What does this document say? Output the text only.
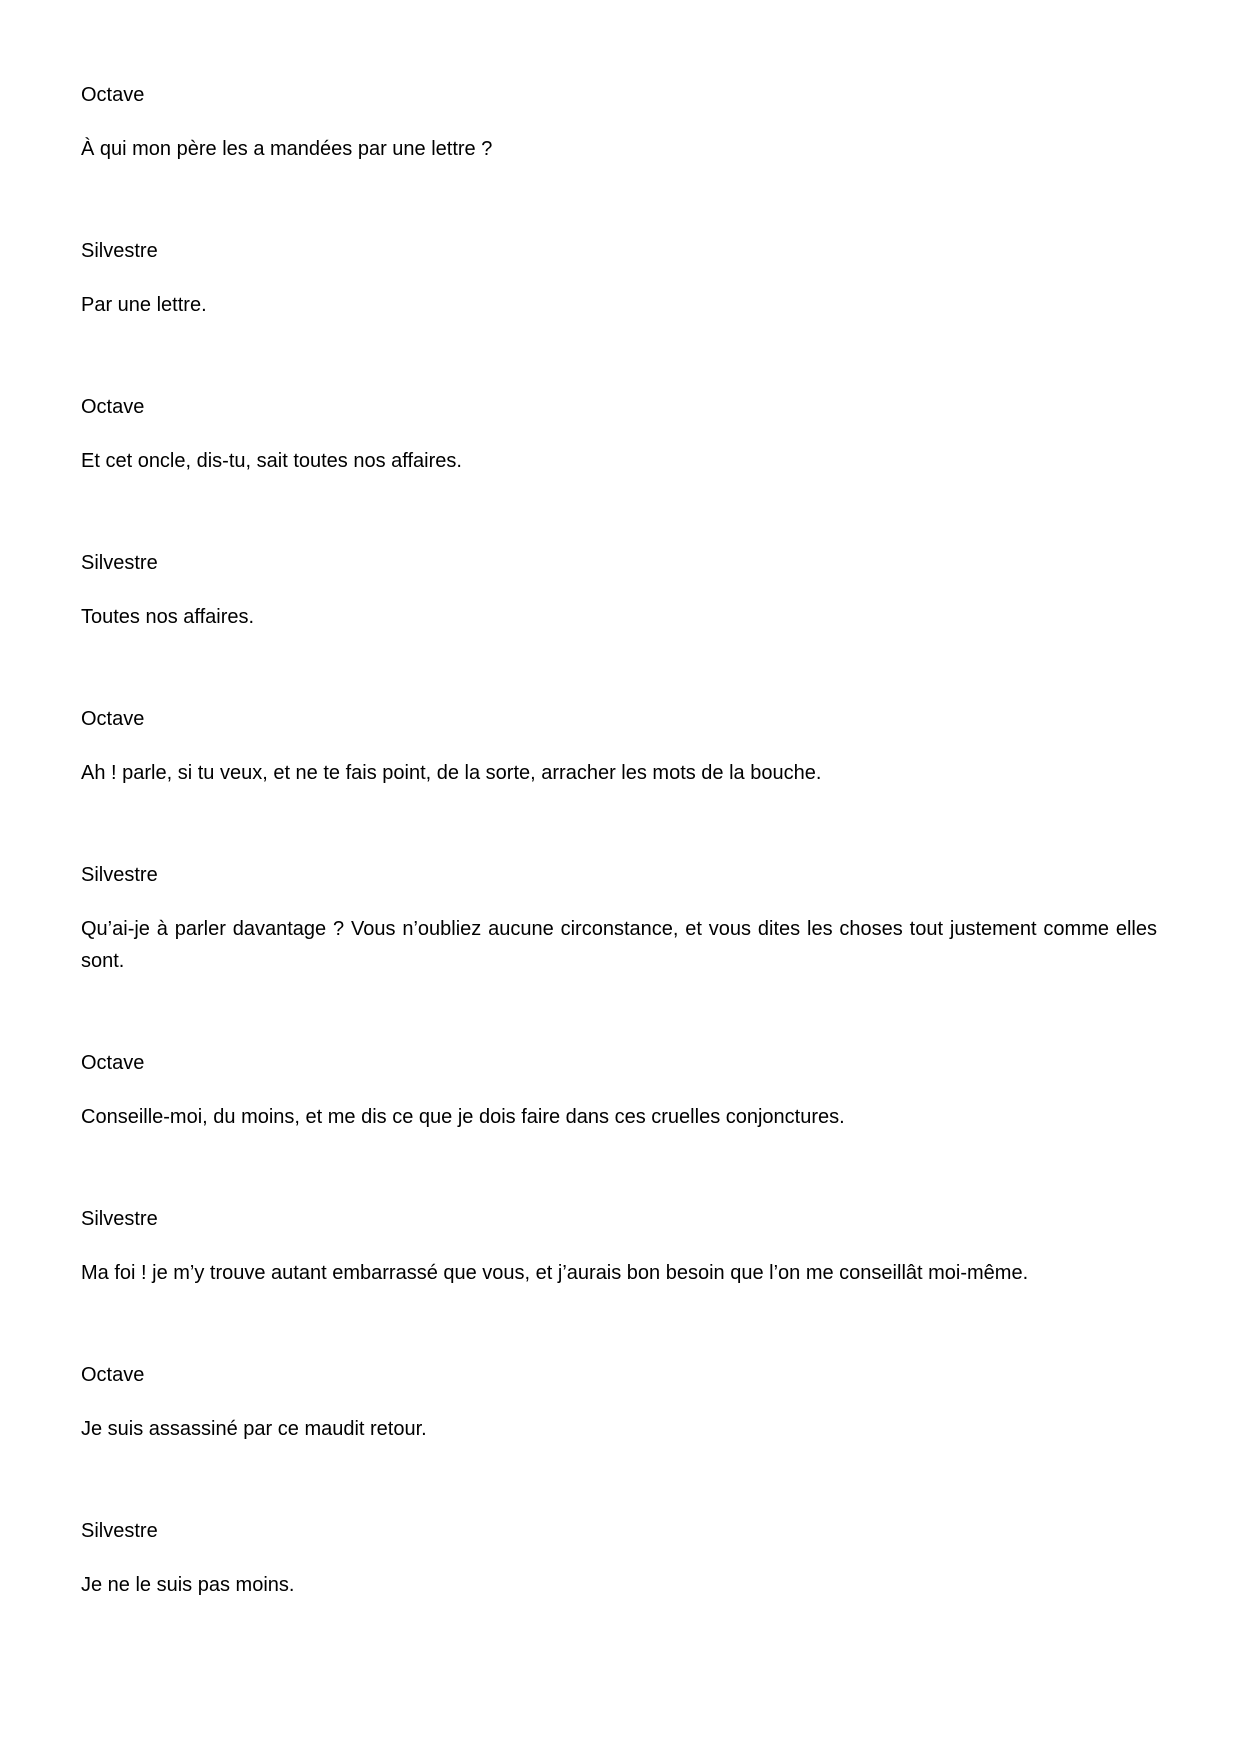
Octave

À qui mon père les a mandées par une lettre ?

Silvestre

Par une lettre.

Octave

Et cet oncle, dis-tu, sait toutes nos affaires.

Silvestre

Toutes nos affaires.

Octave

Ah ! parle, si tu veux, et ne te fais point, de la sorte, arracher les mots de la bouche.

Silvestre

Qu’ai-je à parler davantage ? Vous n’oubliez aucune circonstance, et vous dites les choses tout justement comme elles sont.

Octave

Conseille-moi, du moins, et me dis ce que je dois faire dans ces cruelles conjonctures.

Silvestre

Ma foi ! je m’y trouve autant embarrassé que vous, et j’aurais bon besoin que l’on me conseillât moi-même.

Octave

Je suis assassiné par ce maudit retour.

Silvestre

Je ne le suis pas moins.
